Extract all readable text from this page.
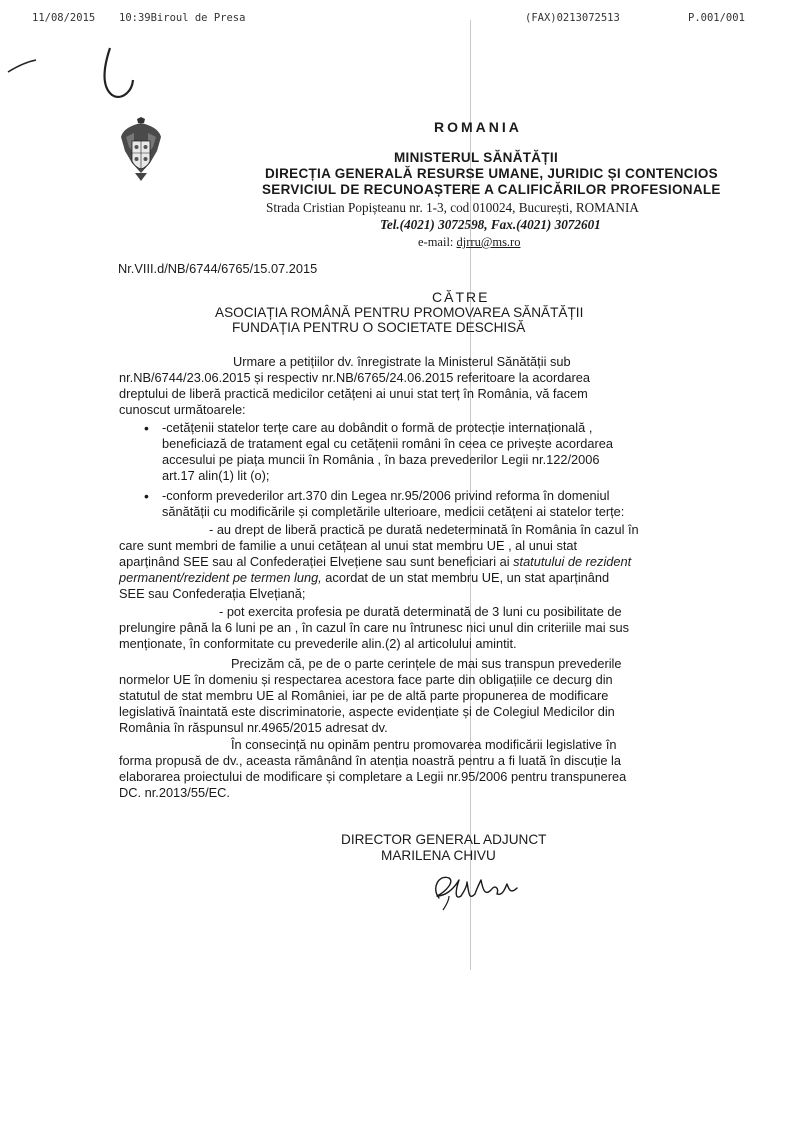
11/08/2015 10:39Biroul de Presa	(FAX)0213072513	P.001/001
ROMANIA
MINISTERUL SĂNĂTĂȚII
DIRECȚIA GENERALĂ RESURSE UMANE, JURIDIC ȘI CONTENCIOS
SERVICIUL DE RECUNOAȘTERE A CALIFICĂRILOR PROFESIONALE
Strada Cristian Popișteanu nr. 1-3, cod 010024, București, ROMANIA
Tel.(4021) 3072598, Fax.(4021) 3072601
e-mail: djrru@ms.ro
Nr.VIII.d/NB/6744/6765/15.07.2015
CĂTRE
ASOCIAȚIA ROMÂNĂ PENTRU PROMOVAREA SĂNĂTĂȚII
FUNDAȚIA PENTRU O SOCIETATE DESCHISĂ
Urmare a petițiilor dv. înregistrate la Ministerul Sănătății sub
nr.NB/6744/23.06.2015 și respectiv nr.NB/6765/24.06.2015 referitoare la acordarea
dreptului de liberă practică medicilor cetățeni ai unui stat terț în România, vă facem
cunoscut următoarele:
• -cetățenii statelor terțe care au dobândit o formă de protecție internațională ,
beneficiază de tratament egal cu cetățenii români în ceea ce privește acordarea
accesului pe piața muncii în România , în baza prevederilor Legii nr.122/2006
art.17 alin(1) lit (o);
• -conform prevederilor art.370 din Legea nr.95/2006 privind reforma în domeniul
sănătății cu modificările și completările ulterioare, medicii cetățeni ai statelor terțe:
- au drept de liberă practică pe durată nedeterminată în România în cazul în
care sunt membri de familie a unui cetățean al unui stat membru UE , al unui stat
aparținând SEE sau al Confederației Elvețiene sau sunt beneficiari ai statutului de rezident
permanent/rezident pe termen lung, acordat de un stat membru UE, un stat aparținând
SEE sau Confederația Elvețiană;
- pot exercita profesia pe durată determinată de 3 luni cu posibilitate de
prelungire până la 6 luni pe an , în cazul în care nu întrunesc nici unul din criteriile mai sus
menționate, în conformitate cu prevederile alin.(2) al articolului amintit.
Precizăm că, pe de o parte cerințele de mai sus transpun prevederile
normelor UE în domeniu și respectarea acestora face parte din obligațiile ce decurg din
statutul de stat membru UE al României, iar pe de altă parte propunerea de modificare
legislativă înaintată este discriminatorie, aspecte evidențiate și de Colegiul Medicilor din
România în răspunsul nr.4965/2015 adresat dv.
În consecință nu opinăm pentru promovarea modificării legislative în
forma propusă de dv., aceasta rămânând în atenția noastră pentru a fi luată în discuție la
elaborarea proiectului de modificare și completare a Legii nr.95/2006 pentru transpunerea
DC. nr.2013/55/EC.
DIRECTOR GENERAL ADJUNCT
MARILENA CHIVU
